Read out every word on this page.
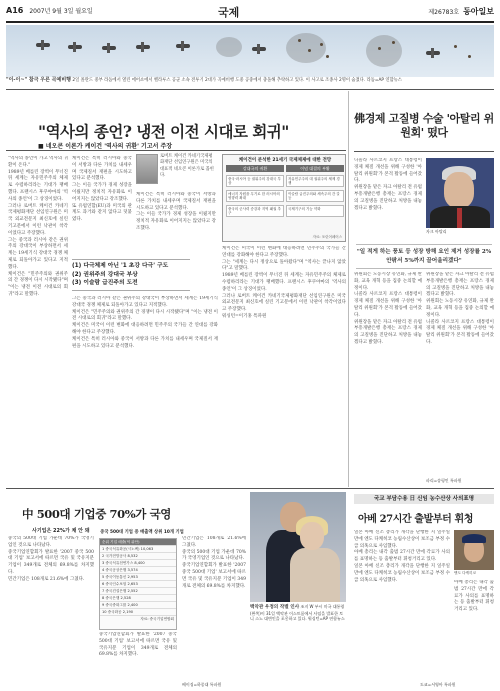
A16 2007년 9월 3일 월요일	국제	제26783호 동아일보
"이-이~" 참극 우른 곡예비행 2일 폴란드 중부 라돔에서 열린 에어쇼에서 벨라루스 공군 소속 전투기 2대가 곡예비행 도중 공중에서 충돌해 추락하고 있다. 이 사고로 조종사 2명이 숨졌다. 라돔=AP 연합뉴스
"역사의 종언? 냉전 이전 시대로 회귀"
■ 네오콘 이론가 케이건 '역사의 귀환' 기고서 주장
"역사의 종언이 가고 역사의 귀환이 온다."
1989년 베를린 장벽이 무너진 뒤 세계는 자유민주주의 체제로 수렴하리라는 기대가 팽배했다. 프랜시스 후쿠야마의 '역사의 종언'이 그 상징이었다.
그러나 로버트 케이건 카네기국제평화재단 선임연구원은 미국 외교전문지 최신호에 실린 기고문에서 이런 낙관이 착각이었다고 주장했다.
그는 중국과 러시아 같은 권위주의 강대국이 부상하면서 세계는 19세기식 강대국 경쟁 체제로 되돌아가고 있다고 지적했다.
케이건은 "민주주의와 권위주의 간 경쟁이 다시 시작됐다"며 "이는 냉전 이전 시대로의 회귀"라고 말했다.
케이건은 특히 러시아와 중국이 서방과 다른 가치를 내세우며 국제질서 재편을 시도하고 있다고 분석했다.
그는 이들 국가가 경제 성장을 이뤘지만 정치적 자유화로 이어지지는 않았다고 강조했다.
또 유럽연합(EU)과 미국의 관계도 과거와 같지 않다고 덧붙였다.
로버트 케이건 카네기국제평화재단 선임연구원은 미국의 대표적 네오콘 이론가로 꼽힌다.
케이건이 분석한 21세기 국제체제에 대한 전망
강대국의 귀환	이념 대결의 부활
중국·러시아 등 권위주의 강대국 부상
에너지 자원을 무기로 한 러시아의 영향력 확대
중국의 군사력 증강과 지역 패권 추구
자유민주주의 대 권위주의 체제 경쟁
이슬람 급진주의와 세속주의 간 갈등
국제기구의 기능 약화
자료: 포린어페어스
케이건은 특히 러시아와 중국이 서방과 다른 가치를 내세우며 국제질서 재편을 시도하고 있다고 분석했다.
그는 이들 국가가 경제 성장을 이뤘지만 정치적 자유화로 이어지지는 않았다고 강조했다.
케이건은 미국이 이런 변화에 대응하려면 민주주의 국가들 간 연대를 강화해야 한다고 주장했다.
그는 "세계는 다시 정상으로 돌아왔다"며 "역사는 끝나지 않았다"고 말했다.
1989년 베를린 장벽이 무너진 뒤 세계는 자유민주주의 체제로 수렴하리라는 기대가 팽배했다. 프랜시스 후쿠야마의 '역사의 종언'이 그 상징이었다.
그러나 로버트 케이건 카네기국제평화재단 선임연구원은 미국 외교전문지 최신호에 실린 기고문에서 이런 낙관이 착각이었다고 주장했다.
워싱턴=이기홍 특파원
(1) 다극체제 아닌 '1 초강 다극' 구도
(2) 권위주의 강대국 부상
(3) 이슬람 급진주의 도전
그는 중국과 러시아 같은 권위주의 강대국이 부상하면서 세계는 19세기식 강대국 경쟁 체제로 되돌아가고 있다고 지적했다.
케이건은 "민주주의와 권위주의 간 경쟁이 다시 시작됐다"며 "이는 냉전 이전 시대로의 회귀"라고 말했다.
케이건은 미국이 이런 변화에 대응하려면 민주주의 국가들 간 연대를 강화해야 한다고 주장했다.
케이건은 특히 러시아와 중국이 서방과 다른 가치를 내세우며 국제질서 재편을 시도하고 있다고 분석했다.
佛경제 고질병 수술 '아탈리 위원회' 떴다
니콜라 사르코지 프랑스 대통령이 경제 체질 개선을 위해 구성한 '아탈리 위원회'가 본격 활동에 들어갔다.
위원장을 맡은 자크 아탈리 전 유럽부흥개발은행 총재는 프랑스 경제의 고질병을 진단하고 처방을 내놓겠다고 밝혔다.
자크 아탈리
"일 적게 하는 풍토 등 성장 방해 요인 제거 성장률 2% 안팎서 5%까지 끌어올리겠다"
위원회는 노동시장 유연화, 규제 완화, 교육 개혁 등을 집중 논의할 예정이다.
니콜라 사르코지 프랑스 대통령이 경제 체질 개선을 위해 구성한 '아탈리 위원회'가 본격 활동에 들어갔다.
위원장을 맡은 자크 아탈리 전 유럽부흥개발은행 총재는 프랑스 경제의 고질병을 진단하고 처방을 내놓겠다고 밝혔다.
위원장을 맡은 자크 아탈리 전 유럽부흥개발은행 총재는 프랑스 경제의 고질병을 진단하고 처방을 내놓겠다고 밝혔다.
위원회는 노동시장 유연화, 규제 완화, 교육 개혁 등을 집중 논의할 예정이다.
니콜라 사르코지 프랑스 대통령이 경제 체질 개선을 위해 구성한 '아탈리 위원회'가 본격 활동에 들어갔다.
파리=송평인 특파원
中 500대 기업중 70%가 국영
사기업은 22%가 채 안 돼
중국의 500대 기업 가운데 70%가 국영기업인 것으로 나타났다.
중국기업연합회가 발표한 '2007 중국 500대 기업' 보고서에 따르면 국유 및 국유지분 기업이 349개로 전체의 69.8%를 차지했다.
민간기업은 108개로 21.6%에 그쳤다.
중국 500대 기업 중 매출액 상위 10개 기업
순위 기업 매출(억 위안)
1 중국석유화공(시노펙) 10,063
2 국가전망공사 8,532
3 중국석유천연가스 8,400
4 중국공상은행 3,574
5 중국이동통신 2,953
6 중국인수보험 2,653
7 중국건설은행 2,552
8 중국은행 2,528
9 중국중화그룹 2,400
10 중국화공 2,190
자료: 중국기업연합회
중국기업연합회가 발표한 '2007 중국 500대 기업' 보고서에 따르면 국유 및 국유지분 기업이 349개로 전체의 69.8%를 차지했다.
민간기업은 108개로 21.6%에 그쳤다.
중국의 500대 기업 가운데 70%가 국영기업인 것으로 나타났다.
중국기업연합회가 발표한 '2007 중국 500대 기업' 보고서에 따르면 국유 및 국유지분 기업이 349개로 전체의 69.8%를 차지했다.
베이징=하종대 특파원
백악관 우정의 작별 인사 조지 W 부시 미국 대통령(왼쪽)이 31일 백악관 이스트룸에서 사임을 발표한 토니 스노 대변인을 포옹하고 있다. 워싱턴=AP 연합뉴스
국교 부담수용 日 신임 농수산상 사의표명
아베 27시간 출발부터 휘청
일본 아베 신조 총리가 개각을 단행한 지 일주일 만에 엔도 다케히코 농림수산상이 보조금 부정 수급 의혹으로 사임했다.
아베 총리는 내각 출범 27시간 만에 각료가 사의를 표명하는 등 출발부터 휘청거리고 있다.
일본 아베 신조 총리가 개각을 단행한 지 일주일 만에 엔도 다케히코 농림수산상이 보조금 부정 수급 의혹으로 사임했다.
엔도 다케히코
아베 총리는 내각 출범 27시간 만에 각료가 사의를 표명하는 등 출발부터 휘청거리고 있다.
도쿄=서영아 특파원
